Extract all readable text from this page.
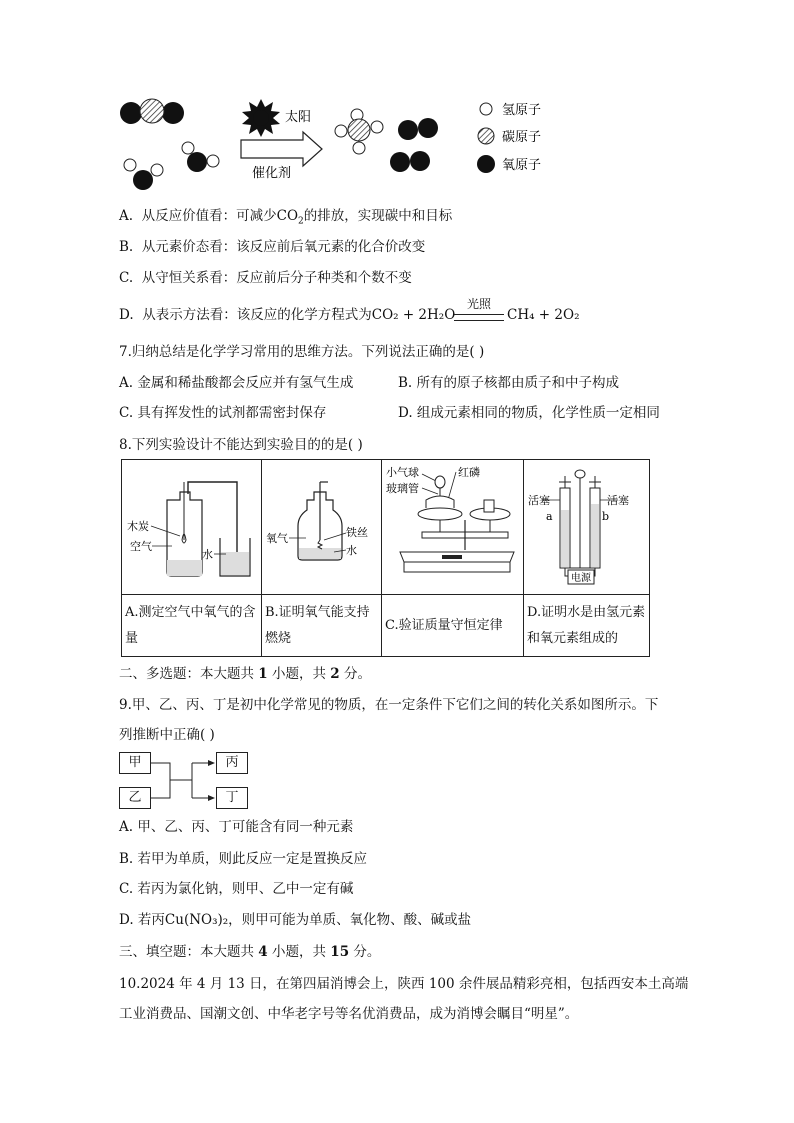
太阳
催化剂
氢原子
碳原子
氧原子
A. 从反应价值看：可减少$CO_2$的排放，实现碳中和目标
B. 从元素价态看：该反应前后氧元素的化合价改变
C. 从守恒关系看：反应前后分子种类和个数不变
D. 从表示方法看：该反应的化学方程式为CO₂ + 2H₂O
光照
CH₄ + 2O₂
7.归纳总结是化学学习常用的思维方法。下列说法正确的是( )
A. 金属和稀盐酸都会反应并有氢气生成	B. 所有的原子核都由质子和中子构成
C. 具有挥发性的试剂都需密封保存	D. 组成元素相同的物质，化学性质一定相同
8.下列实验设计不能达到实验目的的是( )
木炭
空气
水	氧气 铁丝
水	小气球
玻璃管
红磷	活塞 活塞
a b
电源

A.测定空气中氧气的含量	B.证明氧气能支持燃烧	C.验证质量守恒定律	D.证明水是由氢元素和氧元素组成的
二、多选题：本大题共 1 小题，共 2 分。
9.甲、乙、丙、丁是初中化学常见的物质，在一定条件下它们之间的转化关系如图所示。下
列推断中正确( )
甲
乙
丙
丁
A. 甲、乙、丙、丁可能含有同一种元素
B. 若甲为单质，则此反应一定是置换反应
C. 若丙为氯化钠，则甲、乙中一定有碱
D. 若丙Cu(NO₃)₂，则甲可能为单质、氧化物、酸、碱或盐
三、填空题：本大题共 4 小题，共 15 分。
10.2024 年 4 月 13 日，在第四届消博会上，陕西 100 余件展品精彩亮相，包括西安本土高端
工业消费品、国潮文创、中华老字号等名优消费品，成为消博会瞩目“明星”。
